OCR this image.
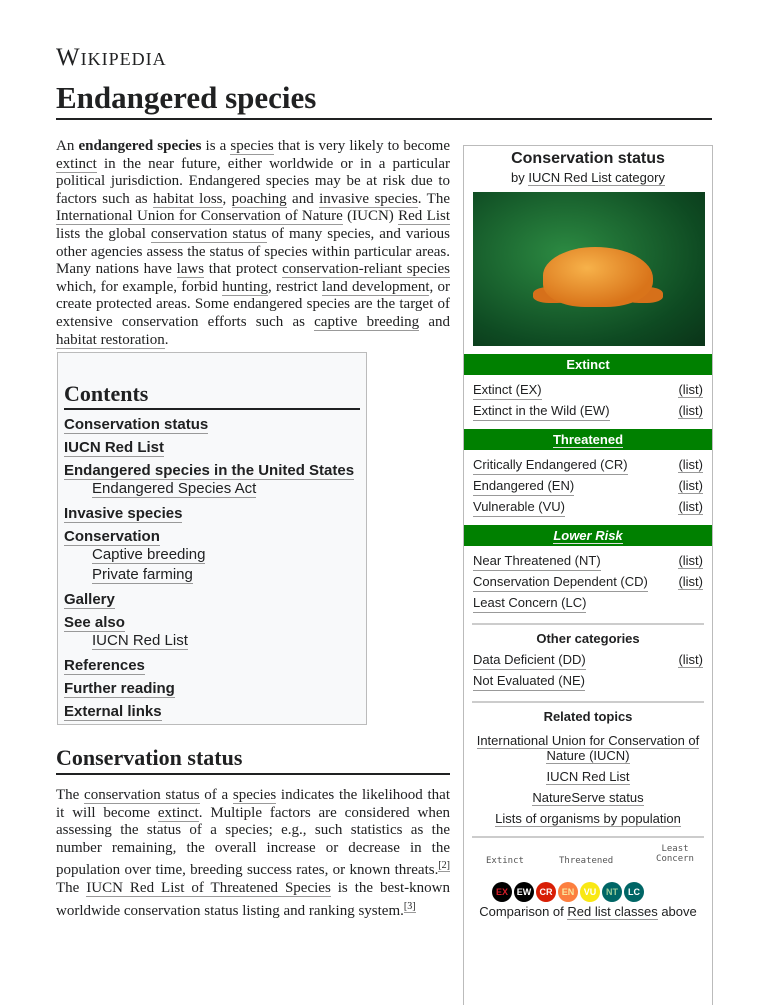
Wikipedia
Endangered species

An endangered species is a species that is very likely to become extinct in the near future, either worldwide or in a particular political jurisdiction. Endangered species may be at risk due to factors such as habitat loss, poaching and invasive species. The International Union for Conservation of Nature (IUCN) Red List lists the global conservation status of many species, and various other agencies assess the status of species within particular areas. Many nations have laws that protect conservation-reliant species which, for example, forbid hunting, restrict land development, or create protected areas. Some endangered species are the target of extensive conservation efforts such as captive breeding and habitat restoration.

Contents
Conservation status
IUCN Red List
Endangered species in the United States
Endangered Species Act
Invasive species
Conservation
Captive breeding
Private farming
Gallery
See also
IUCN Red List
References
Further reading
External links
Conservation status

The conservation status of a species indicates the likelihood that it will become extinct. Multiple factors are considered when assessing the status of a species; e.g., such statistics as the number remaining, the overall increase or decrease in the population over time, breeding success rates, or known threats.[2] The IUCN Red List of Threatened Species is the best-known worldwide conservation status listing and ranking system.[3]

Conservation status
by IUCN Red List category
Extinct
Extinct (EX)	(list)
Extinct in the Wild (EW)	(list)
Threatened
Critically Endangered (CR)	(list)
Endangered (EN)	(list)
Vulnerable (VU)	(list)
Lower Risk
Near Threatened (NT)	(list)
Conservation Dependent (CD) (list)
Least Concern (LC)
Other categories
Data Deficient (DD)	(list)
Not Evaluated (NE)
Related topics
International Union for Conservation of Nature (IUCN)
IUCN Red List
NatureServe status
Lists of organisms by population
Extinct	Threatened
Least Concern
EX EW CR	EN	VU	NT	LC
Comparison of Red list classes above
